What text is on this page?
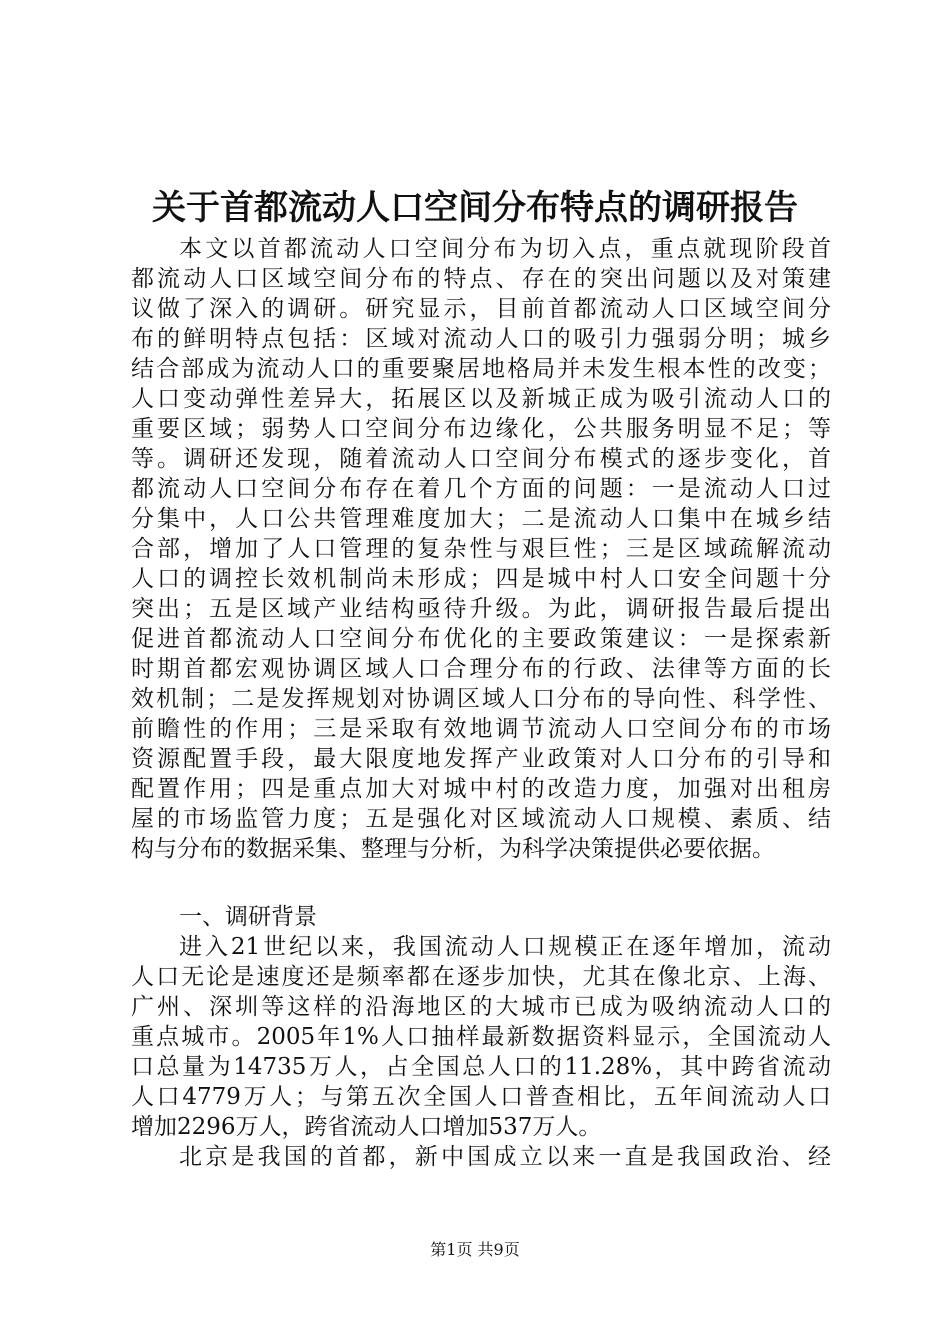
关于首都流动人口空间分布特点的调研报告
本文以首都流动人口空间分布为切入点，重点就现阶段首
都流动人口区域空间分布的特点、存在的突出问题以及对策建
议做了深入的调研。研究显示，目前首都流动人口区域空间分
布的鲜明特点包括：区域对流动人口的吸引力强弱分明；城乡
结合部成为流动人口的重要聚居地格局并未发生根本性的改变；
人口变动弹性差异大，拓展区以及新城正成为吸引流动人口的
重要区域；弱势人口空间分布边缘化，公共服务明显不足；等
等。调研还发现，随着流动人口空间分布模式的逐步变化，首
都流动人口空间分布存在着几个方面的问题：一是流动人口过
分集中，人口公共管理难度加大；二是流动人口集中在城乡结
合部，增加了人口管理的复杂性与艰巨性；三是区域疏解流动
人口的调控长效机制尚未形成；四是城中村人口安全问题十分
突出；五是区域产业结构亟待升级。为此，调研报告最后提出
促进首都流动人口空间分布优化的主要政策建议：一是探索新
时期首都宏观协调区域人口合理分布的行政、法律等方面的长
效机制；二是发挥规划对协调区域人口分布的导向性、科学性、
前瞻性的作用；三是采取有效地调节流动人口空间分布的市场
资源配置手段，最大限度地发挥产业政策对人口分布的引导和
配置作用；四是重点加大对城中村的改造力度，加强对出租房
屋的市场监管力度；五是强化对区域流动人口规模、素质、结
构与分布的数据采集、整理与分析，为科学决策提供必要依据。
一、调研背景
进入21世纪以来，我国流动人口规模正在逐年增加，流动
人口无论是速度还是频率都在逐步加快，尤其在像北京、上海、
广州、深圳等这样的沿海地区的大城市已成为吸纳流动人口的
重点城市。2005年1%人口抽样最新数据资料显示，全国流动人
口总量为14735万人，占全国总人口的11.28%，其中跨省流动
人口4779万人；与第五次全国人口普查相比，五年间流动人口
增加2296万人，跨省流动人口增加537万人。
北京是我国的首都，新中国成立以来一直是我国政治、经
第1页 共9页
